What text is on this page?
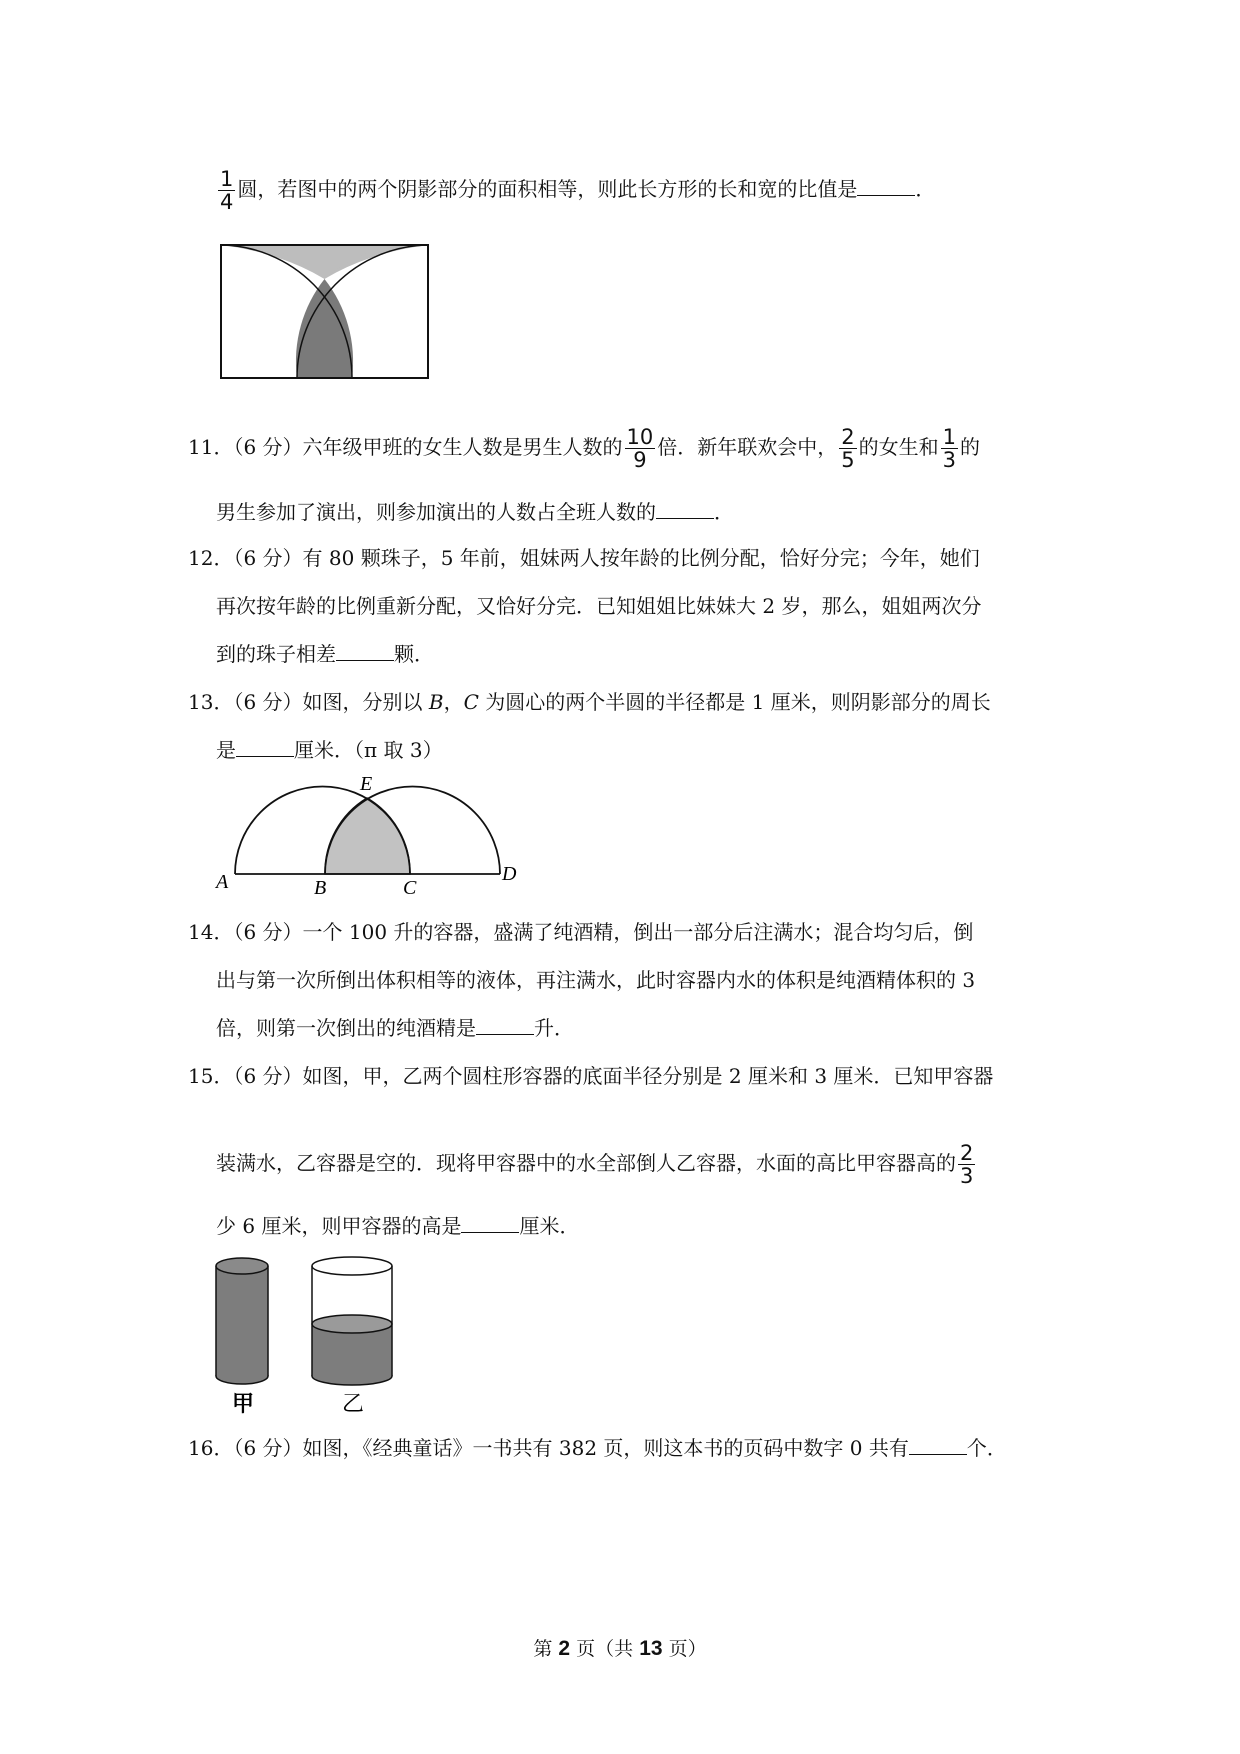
$\frac{1}{4}$ 圆，若图中的两个阴影部分的面积相等，则此长方形的长和宽的比值是	．
11．（6 分）六年级甲班的女生人数是男生人数的 $\frac{10}{9}$ 倍．新年联欢会中， $\frac{2}{5}$ 的女生和 $\frac{1}{3}$ 的
男生参加了演出，则参加演出的人数占全班人数的	．
12．（6 分）有 80 颗珠子，5 年前，姐妹两人按年龄的比例分配，恰好分完；今年，她们
再次按年龄的比例重新分配，又恰好分完．已知姐姐比妹妹大 2 岁，那么，姐姐两次分
到的珠子相差	颗．
13．（6 分）如图，分别以 B，C 为圆心的两个半圆的半径都是 1 厘米，则阴影部分的周长
是	厘米．（π 取 3）
A	B	C
D
E
14．（6 分）一个 100 升的容器，盛满了纯酒精，倒出一部分后注满水；混合均匀后，倒
出与第一次所倒出体积相等的液体，再注满水，此时容器内水的体积是纯酒精体积的 3
倍，则第一次倒出的纯酒精是	升．
15．（6 分）如图，甲，乙两个圆柱形容器的底面半径分别是 2 厘米和 3 厘米．已知甲容器
装满水，乙容器是空的．现将甲容器中的水全部倒人乙容器，水面的高比甲容器高的 $\frac{2}{3}$
少 6 厘米，则甲容器的高是	厘米．
甲	乙
16．（6 分）如图，《经典童话》一书共有 382 页，则这本书的页码中数字 0 共有	个．
第 2 页（共 13 页）
